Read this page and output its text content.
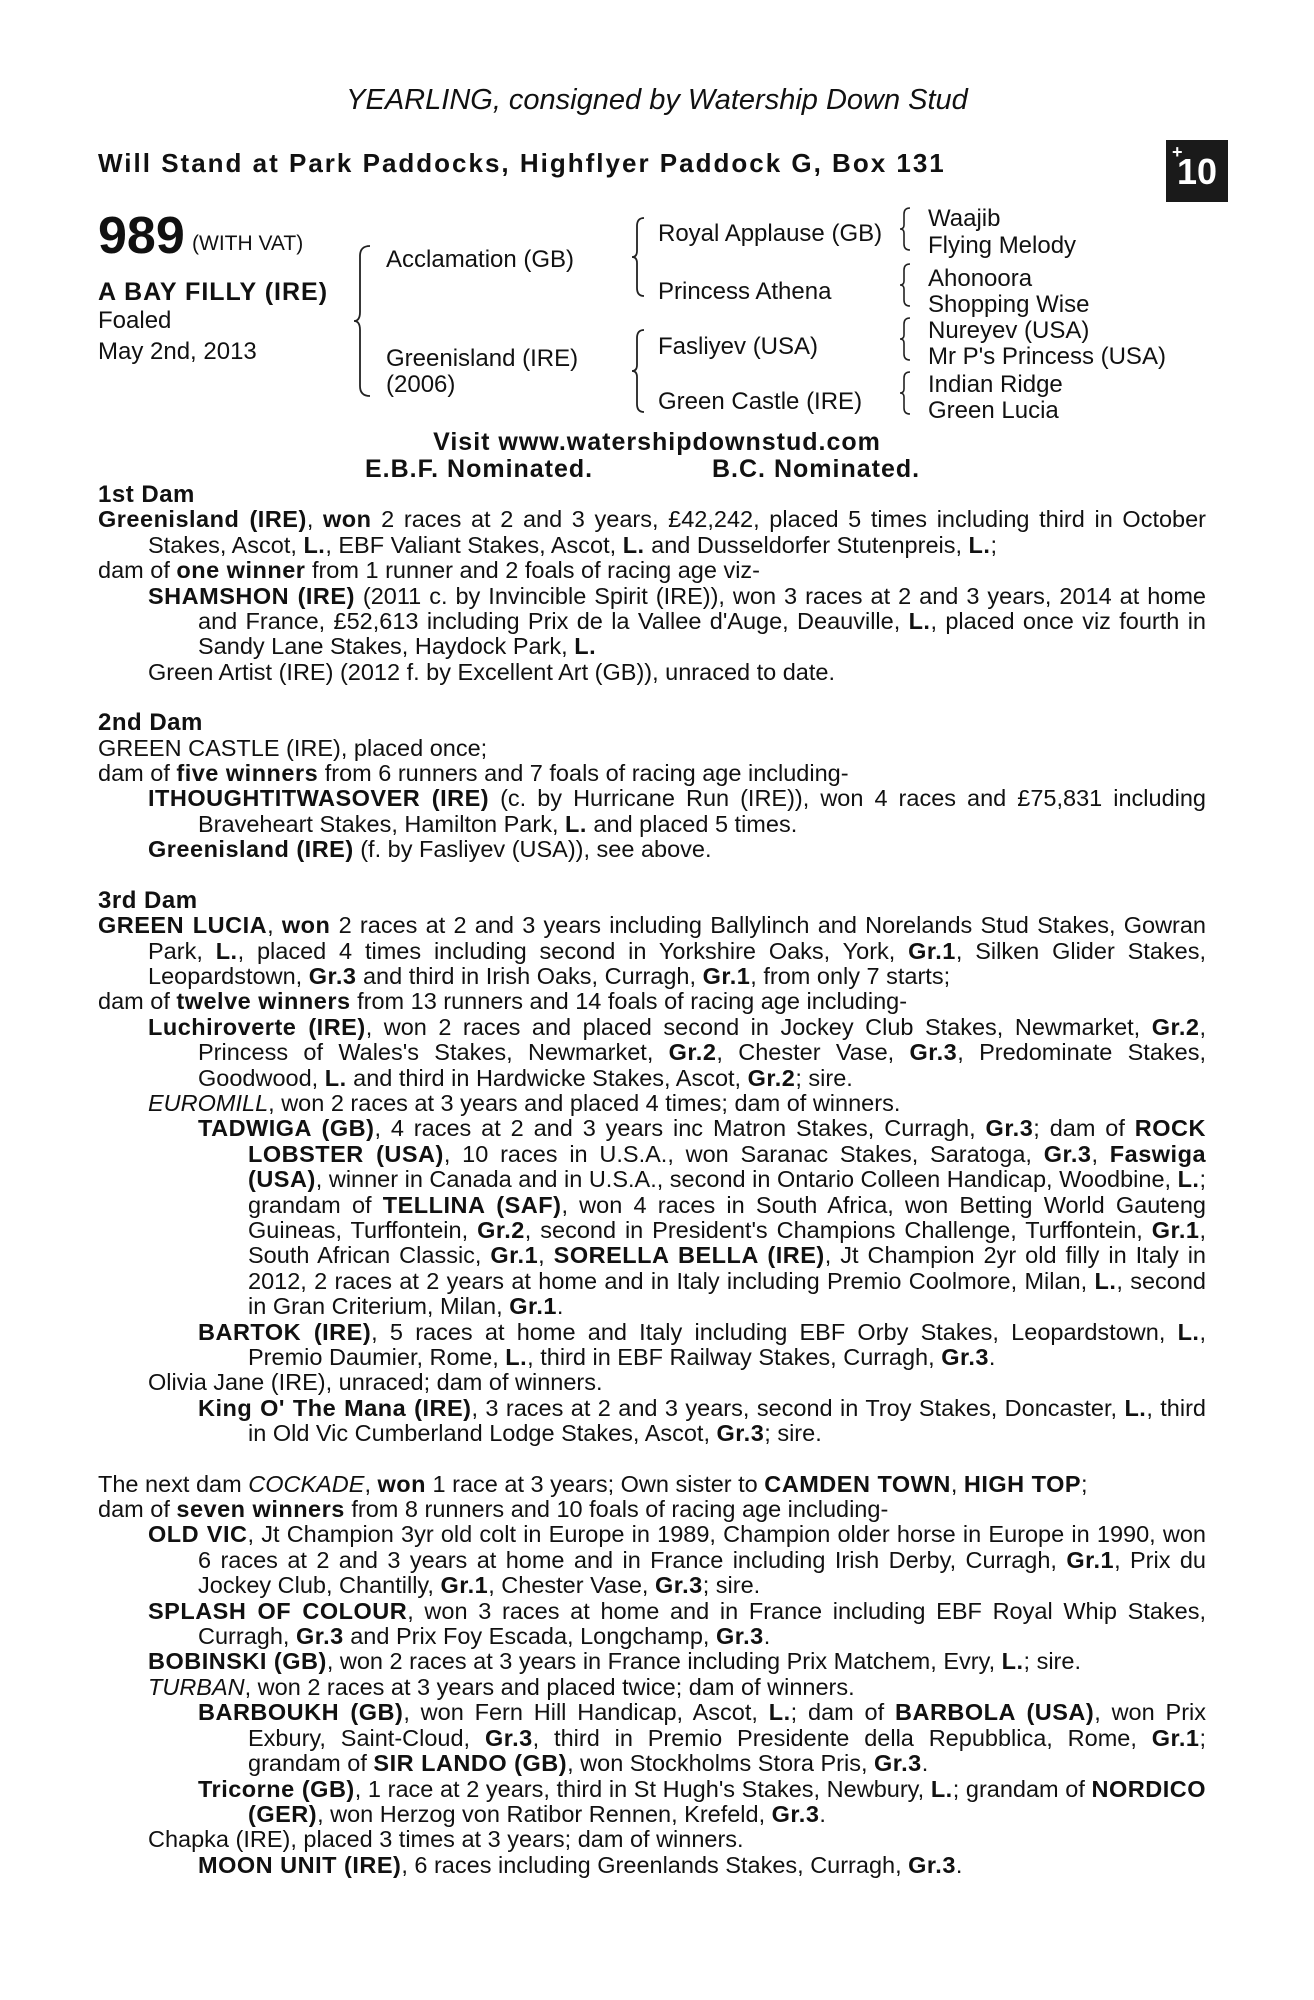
YEARLING, consigned by Watership Down Stud
Will Stand at Park Paddocks, Highflyer Paddock G, Box 131	+
10
989 (WITH VAT)
A BAY FILLY (IRE)
Foaled
May 2nd, 2013
Acclamation (GB)
Greenisland (IRE)
(2006)
Royal Applause (GB)
Princess Athena
Fasliyev (USA)
Green Castle (IRE)
Waajib
Flying Melody
Ahonoora
Shopping Wise
Nureyev (USA)
Mr P's Princess (USA)
Indian Ridge
Green Lucia
Visit www.watershipdownstud.com
E.B.F. Nominated.	B.C. Nominated.

1st Dam

Greenisland (IRE), won 2 races at 2 and 3 years, £42,242, placed 5 times including third in October Stakes, Ascot, L., EBF Valiant Stakes, Ascot, L. and Dusseldorfer Stutenpreis, L.;

dam of one winner from 1 runner and 2 foals of racing age viz-

SHAMSHON (IRE) (2011 c. by Invincible Spirit (IRE)), won 3 races at 2 and 3 years, 2014 at home and France, £52,613 including Prix de la Vallee d'Auge, Deauville, L., placed once viz fourth in Sandy Lane Stakes, Haydock Park, L.

Green Artist (IRE) (2012 f. by Excellent Art (GB)), unraced to date.

2nd Dam

GREEN CASTLE (IRE), placed once;

dam of five winners from 6 runners and 7 foals of racing age including-

ITHOUGHTITWASOVER (IRE) (c. by Hurricane Run (IRE)), won 4 races and £75,831 including Braveheart Stakes, Hamilton Park, L. and placed 5 times.

Greenisland (IRE) (f. by Fasliyev (USA)), see above.

3rd Dam

GREEN LUCIA, won 2 races at 2 and 3 years including Ballylinch and Norelands Stud Stakes, Gowran Park, L., placed 4 times including second in Yorkshire Oaks, York, Gr.1, Silken Glider Stakes, Leopardstown, Gr.3 and third in Irish Oaks, Curragh, Gr.1, from only 7 starts;

dam of twelve winners from 13 runners and 14 foals of racing age including-

Luchiroverte (IRE), won 2 races and placed second in Jockey Club Stakes, Newmarket, Gr.2, Princess of Wales's Stakes, Newmarket, Gr.2, Chester Vase, Gr.3, Predominate Stakes, Goodwood, L. and third in Hardwicke Stakes, Ascot, Gr.2; sire.

EUROMILL, won 2 races at 3 years and placed 4 times; dam of winners.

TADWIGA (GB), 4 races at 2 and 3 years inc Matron Stakes, Curragh, Gr.3; dam of ROCK LOBSTER (USA), 10 races in U.S.A., won Saranac Stakes, Saratoga, Gr.3, Faswiga (USA), winner in Canada and in U.S.A., second in Ontario Colleen Handicap, Woodbine, L.; grandam of TELLINA (SAF), won 4 races in South Africa, won Betting World Gauteng Guineas, Turffontein, Gr.2, second in President's Champions Challenge, Turffontein, Gr.1, South African Classic, Gr.1, SORELLA BELLA (IRE), Jt Champion 2yr old filly in Italy in 2012, 2 races at 2 years at home and in Italy including Premio Coolmore, Milan, L., second in Gran Criterium, Milan, Gr.1.

BARTOK (IRE), 5 races at home and Italy including EBF Orby Stakes, Leopardstown, L., Premio Daumier, Rome, L., third in EBF Railway Stakes, Curragh, Gr.3.

Olivia Jane (IRE), unraced; dam of winners.

King O' The Mana (IRE), 3 races at 2 and 3 years, second in Troy Stakes, Doncaster, L., third in Old Vic Cumberland Lodge Stakes, Ascot, Gr.3; sire.

The next dam COCKADE, won 1 race at 3 years; Own sister to CAMDEN TOWN, HIGH TOP;

dam of seven winners from 8 runners and 10 foals of racing age including-

OLD VIC, Jt Champion 3yr old colt in Europe in 1989, Champion older horse in Europe in 1990, won 6 races at 2 and 3 years at home and in France including Irish Derby, Curragh, Gr.1, Prix du Jockey Club, Chantilly, Gr.1, Chester Vase, Gr.3; sire.

SPLASH OF COLOUR, won 3 races at home and in France including EBF Royal Whip Stakes, Curragh, Gr.3 and Prix Foy Escada, Longchamp, Gr.3.

BOBINSKI (GB), won 2 races at 3 years in France including Prix Matchem, Evry, L.; sire.

TURBAN, won 2 races at 3 years and placed twice; dam of winners.

BARBOUKH (GB), won Fern Hill Handicap, Ascot, L.; dam of BARBOLA (USA), won Prix Exbury, Saint-Cloud, Gr.3, third in Premio Presidente della Repubblica, Rome, Gr.1; grandam of SIR LANDO (GB), won Stockholms Stora Pris, Gr.3.

Tricorne (GB), 1 race at 2 years, third in St Hugh's Stakes, Newbury, L.; grandam of NORDICO (GER), won Herzog von Ratibor Rennen, Krefeld, Gr.3.

Chapka (IRE), placed 3 times at 3 years; dam of winners.

MOON UNIT (IRE), 6 races including Greenlands Stakes, Curragh, Gr.3.
